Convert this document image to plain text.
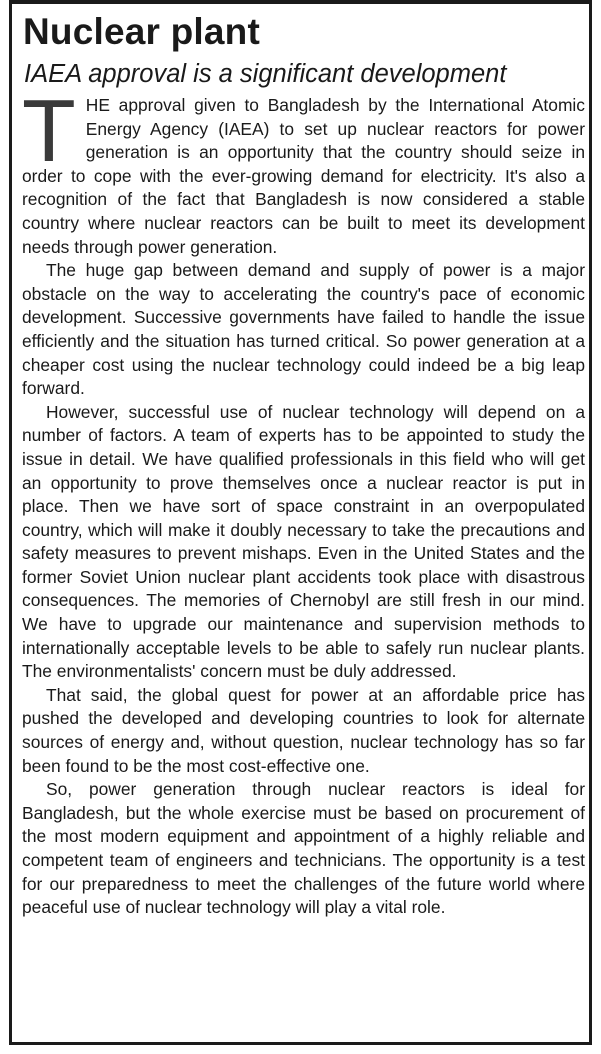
Nuclear plant
IAEA approval is a significant development

THE approval given to Bangladesh by the International Atomic Energy Agency (IAEA) to set up nuclear reactors for power generation is an opportunity that the country should seize in order to cope with the ever-growing demand for electricity. It's also a recognition of the fact that Bangladesh is now considered a stable country where nuclear reactors can be built to meet its development needs through power generation.

The huge gap between demand and supply of power is a major obstacle on the way to accelerating the country's pace of economic development. Successive governments have failed to handle the issue efficiently and the situation has turned critical. So power generation at a cheaper cost using the nuclear technology could indeed be a big leap forward.

However, successful use of nuclear technology will depend on a number of factors. A team of experts has to be appointed to study the issue in detail. We have qualified professionals in this field who will get an opportunity to prove themselves once a nuclear reactor is put in place. Then we have sort of space constraint in an overpopulated country, which will make it doubly necessary to take the precautions and safety measures to prevent mishaps. Even in the United States and the former Soviet Union nuclear plant accidents took place with disastrous consequences. The memories of Chernobyl are still fresh in our mind. We have to upgrade our maintenance and supervision methods to internationally acceptable levels to be able to safely run nuclear plants. The environmentalists' concern must be duly addressed.

That said, the global quest for power at an affordable price has pushed the developed and developing countries to look for alternate sources of energy and, without question, nuclear technology has so far been found to be the most cost-effective one.

So, power generation through nuclear reactors is ideal for Bangladesh, but the whole exercise must be based on procurement of the most modern equipment and appointment of a highly reliable and competent team of engineers and technicians. The opportunity is a test for our preparedness to meet the challenges of the future world where peaceful use of nuclear technology will play a vital role.
